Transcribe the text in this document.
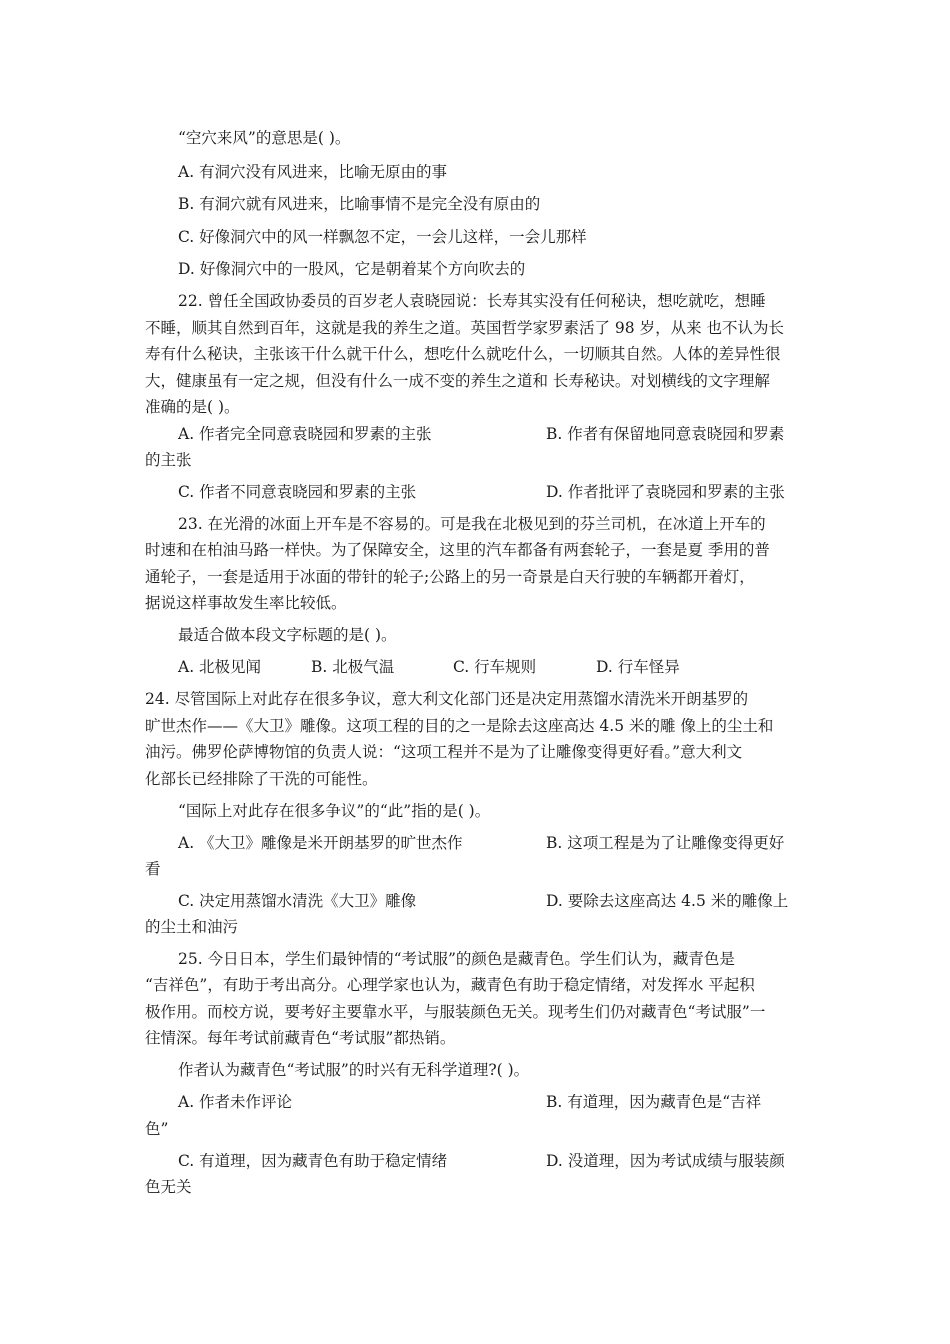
“空穴来风”的意思是( )。
A. 有洞穴没有风进来，比喻无原由的事
B. 有洞穴就有风进来，比喻事情不是完全没有原由的
C. 好像洞穴中的风一样飘忽不定，一会儿这样，一会儿那样
D. 好像洞穴中的一股风，它是朝着某个方向吹去的
22. 曾任全国政协委员的百岁老人袁晓园说：长寿其实没有任何秘诀，想吃就吃，想睡
不睡，顺其自然到百年，这就是我的养生之道。英国哲学家罗素活了 98 岁，从来 也不认为长
寿有什么秘诀，主张该干什么就干什么，想吃什么就吃什么，一切顺其自然。人体的差异性很
大，健康虽有一定之规，但没有什么一成不变的养生之道和 长寿秘诀。对划横线的文字理解
准确的是( )。
A. 作者完全同意袁晓园和罗素的主张	B. 作者有保留地同意袁晓园和罗素
的主张
C. 作者不同意袁晓园和罗素的主张	D. 作者批评了袁晓园和罗素的主张
23. 在光滑的冰面上开车是不容易的。可是我在北极见到的芬兰司机，在冰道上开车的
时速和在柏油马路一样快。为了保障安全，这里的汽车都备有两套轮子，一套是夏 季用的普
通轮子，一套是适用于冰面的带针的轮子;公路上的另一奇景是白天行驶的车辆都开着灯，
据说这样事故发生率比较低。
最适合做本段文字标题的是( )。
A. 北极见闻	B. 北极气温	C. 行车规则	D. 行车怪异
24. 尽管国际上对此存在很多争议，意大利文化部门还是决定用蒸馏水清洗米开朗基罗的
旷世杰作——《大卫》雕像。这项工程的目的之一是除去这座高达 4.5 米的雕 像上的尘土和
油污。佛罗伦萨博物馆的负责人说：“这项工程并不是为了让雕像变得更好看。”意大利文
化部长已经排除了干洗的可能性。
“国际上对此存在很多争议”的“此”指的是( )。
A. 《大卫》雕像是米开朗基罗的旷世杰作	B. 这项工程是为了让雕像变得更好
看
C. 决定用蒸馏水清洗《大卫》雕像	D. 要除去这座高达 4.5 米的雕像上
的尘土和油污
25. 今日日本，学生们最钟情的“考试服”的颜色是藏青色。学生们认为，藏青色是
“吉祥色”，有助于考出高分。心理学家也认为，藏青色有助于稳定情绪，对发挥水 平起积
极作用。而校方说，要考好主要靠水平，与服装颜色无关。现考生们仍对藏青色“考试服”一
往情深。每年考试前藏青色“考试服”都热销。
作者认为藏青色“考试服”的时兴有无科学道理?( )。
A. 作者未作评论	B. 有道理，因为藏青色是“吉祥
色”
C. 有道理，因为藏青色有助于稳定情绪	D. 没道理，因为考试成绩与服装颜
色无关
